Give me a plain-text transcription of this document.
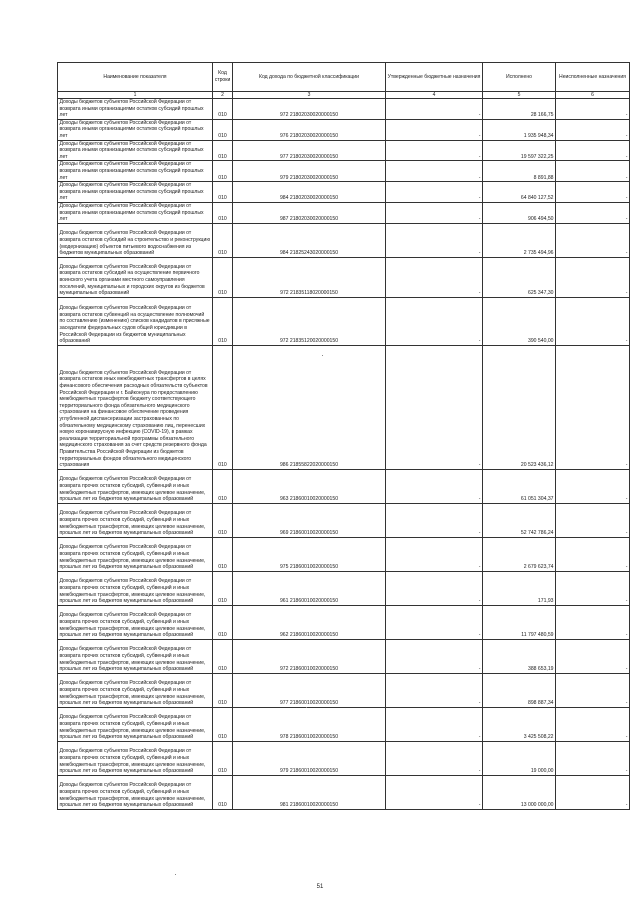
Наименование показателя	Код строки	Код дохода по бюджетной классификации	Утвержденные бюджетные назначения	Исполнено	Неисполненные назначения
1	2	3	4	5	6
Доходы бюджетов субъектов Российской Федерации от возврата иными организациями остатков субсидий прошлых лет	010	972 21802030020000150	-	28 166,75	-
Доходы бюджетов субъектов Российской Федерации от возврата иными организациями остатков субсидий прошлых лет	010	976 21802030020000150	-	1 935 948,34	-
Доходы бюджетов субъектов Российской Федерации от возврата иными организациями остатков субсидий прошлых лет	010	977 21802030020000150	-	19 597 322,25	-
Доходы бюджетов субъектов Российской Федерации от возврата иными организациями остатков субсидий прошлых лет	010	979 21802030020000150	-	8 891,88	-
Доходы бюджетов субъектов Российской Федерации от возврата иными организациями остатков субсидий прошлых лет	010	984 21802030020000150	-	64 840 127,52	-
Доходы бюджетов субъектов Российской Федерации от возврата иными организациями остатков субсидий прошлых лет	010	987 21802030020000150	-	906 494,50	-
Доходы бюджетов субъектов Российской Федерации от возврата остатков субсидий на строительство и реконструкцию (модернизацию) объектов питьевого водоснабжения из бюджетов муниципальных образований	010	984 21825243020000150	-	2 735 494,96	-
Доходы бюджетов субъектов Российской Федерации от возврата остатков субсидий на осуществление первичного воинского учета органами местного самоуправления поселений, муниципальных и городских округов из бюджетов муниципальных образований	010	972 21835118020000150	-	625 347,30	-
Доходы бюджетов субъектов Российской Федерации от возврата остатков субвенций на осуществление полномочий по составлению (изменению) списков кандидатов в присяжные заседатели федеральных судов общей юрисдикции в Российской Федерации из бюджетов муниципальных образований	010	972 21835120020000150	-	390 540,00	-
Доходы бюджетов субъектов Российской Федерации от возврата остатков иных межбюджетных трансфертов в целях финансового обеспечения расходных обязательств субъектов Российской Федерации и г. Байконура по предоставлению межбюджетных трансфертов бюджету соответствующего территориального фонда обязательного медицинского страхования на финансовое обеспечение проведения углубленной диспансеризации застрахованных по обязательному медицинскому страхованию лиц, перенесших новую коронавирусную инфекцию (COVID-19), в рамках реализации территориальной программы обязательного медицинского страхования за счет средств резервного фонда Правительства Российской Федерации из бюджетов территориальных фондов обязательного медицинского страхования	010	986 21855822020000150	-	20 523 436,12	-
Доходы бюджетов субъектов Российской Федерации от возврата прочих остатков субсидий, субвенций и иных межбюджетных трансфертов, имеющих целевое назначение, прошлых лет из бюджетов муниципальных образований	010	963 21860010020000150	-	61 051 304,37	-
Доходы бюджетов субъектов Российской Федерации от возврата прочих остатков субсидий, субвенций и иных межбюджетных трансфертов, имеющих целевое назначение, прошлых лет из бюджетов муниципальных образований	010	969 21860010020000150	-	52 742 786,24	-
Доходы бюджетов субъектов Российской Федерации от возврата прочих остатков субсидий, субвенций и иных межбюджетных трансфертов, имеющих целевое назначение, прошлых лет из бюджетов муниципальных образований	010	975 21860010020000150	-	2 679 623,74	-
Доходы бюджетов субъектов Российской Федерации от возврата прочих остатков субсидий, субвенций и иных межбюджетных трансфертов, имеющих целевое назначение, прошлых лет из бюджетов муниципальных образований	010	961 21860010020000150	-	171,93	-
Доходы бюджетов субъектов Российской Федерации от возврата прочих остатков субсидий, субвенций и иных межбюджетных трансфертов, имеющих целевое назначение, прошлых лет из бюджетов муниципальных образований	010	962 21860010020000150	-	11 797 480,59	-
Доходы бюджетов субъектов Российской Федерации от возврата прочих остатков субсидий, субвенций и иных межбюджетных трансфертов, имеющих целевое назначение, прошлых лет из бюджетов муниципальных образований	010	972 21860010020000150	-	388 653,19	-
Доходы бюджетов субъектов Российской Федерации от возврата прочих остатков субсидий, субвенций и иных межбюджетных трансфертов, имеющих целевое назначение, прошлых лет из бюджетов муниципальных образований	010	977 21860010020000150	-	898 887,34	-
Доходы бюджетов субъектов Российской Федерации от возврата прочих остатков субсидий, субвенций и иных межбюджетных трансфертов, имеющих целевое назначение, прошлых лет из бюджетов муниципальных образований	010	978 21860010020000150	-	3 425 508,22	-
Доходы бюджетов субъектов Российской Федерации от возврата прочих остатков субсидий, субвенций и иных межбюджетных трансфертов, имеющих целевое назначение, прошлых лет из бюджетов муниципальных образований	010	979 21860010020000150	-	19 000,00	-
Доходы бюджетов субъектов Российской Федерации от возврата прочих остатков субсидий, субвенций и иных межбюджетных трансфертов, имеющих целевое назначение, прошлых лет из бюджетов муниципальных образований	010	981 21860010020000150	-	13 000 000,00	-
51
